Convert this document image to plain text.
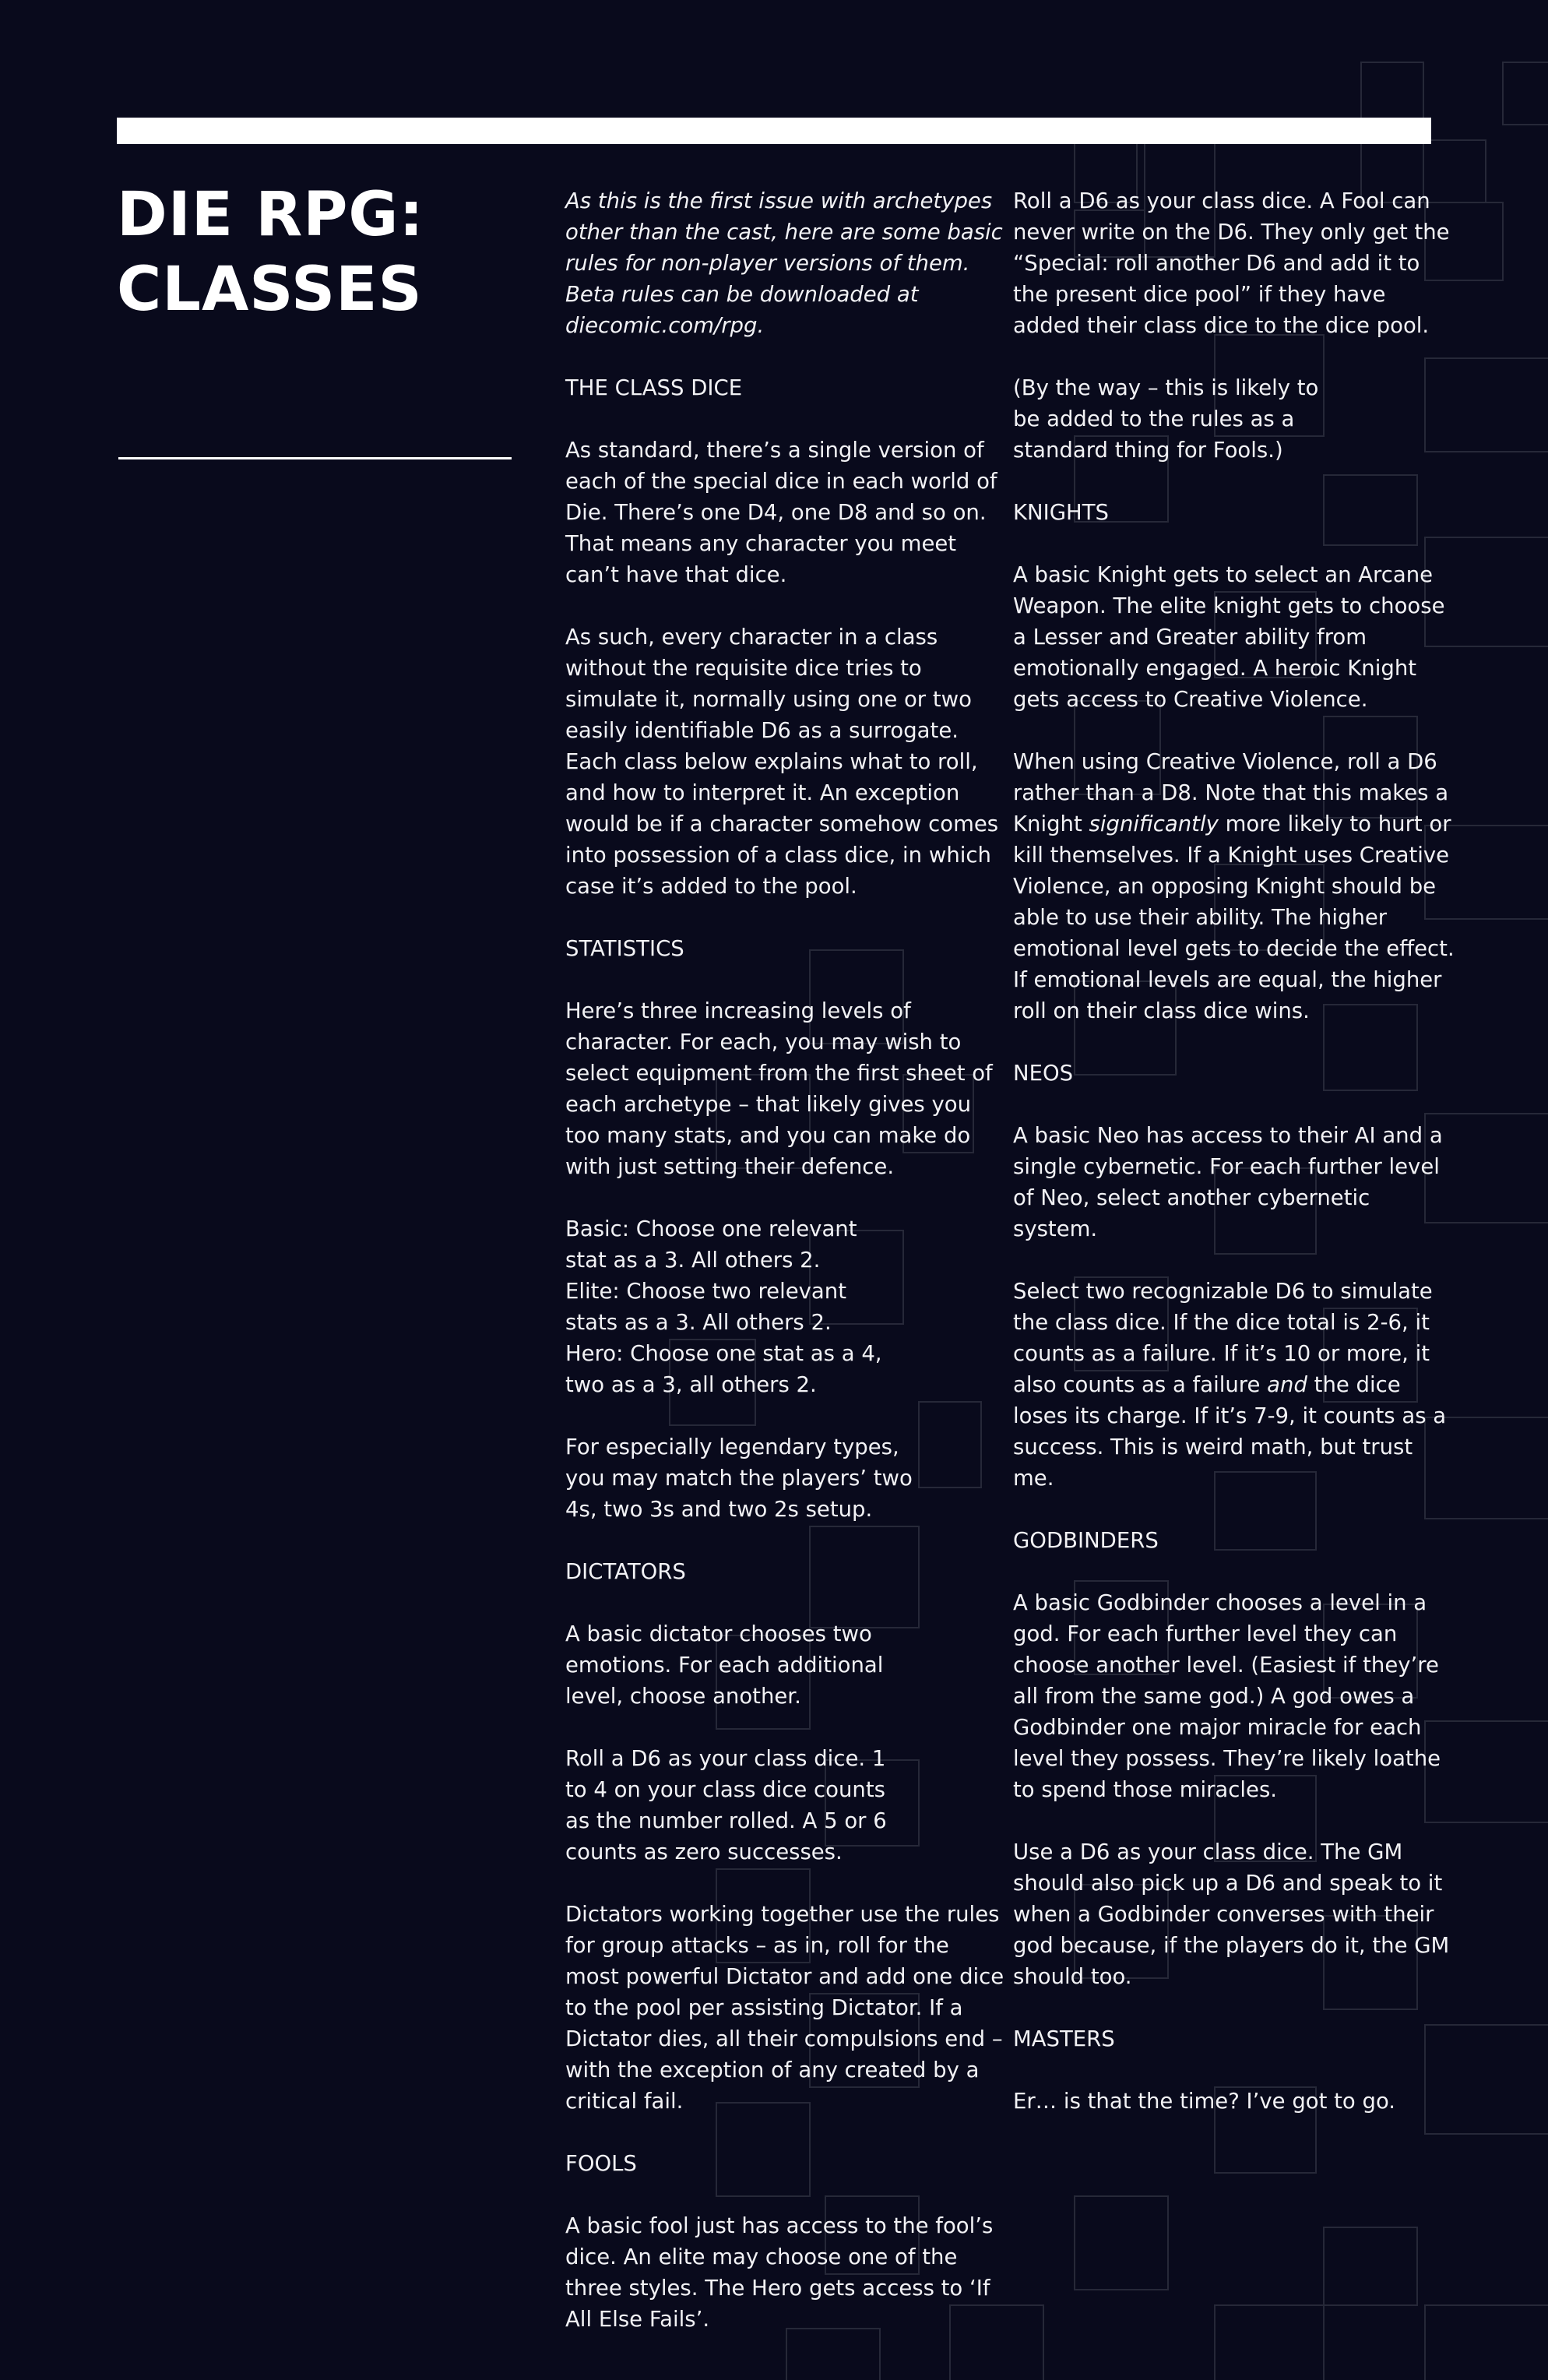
DIE RPG: CLASSES

As this is the first issue with archetypes other than the cast, here are some basic rules for non-player versions of them. Beta rules can be downloaded at diecomic.com/rpg.

THE CLASS DICE

As standard, there’s a single version of each of the special dice in each world of Die. There’s one D4, one D8 and so on. That means any character you meet can’t have that dice.

As such, every character in a class without the requisite dice tries to simulate it, normally using one or two easily identifiable D6 as a surrogate. Each class below explains what to roll, and how to interpret it. An exception would be if a character somehow comes into possession of a class dice, in which case it’s added to the pool.

STATISTICS

Here’s three increasing levels of character. For each, you may wish to select equipment from the first sheet of each archetype – that likely gives you too many stats, and you can make do with just setting their defence.

Basic: Choose one relevant
stat as a 3. All others 2.
Elite: Choose two relevant
stats as a 3. All others 2.
Hero: Choose one stat as a 4,
two as a 3, all others 2.

For especially legendary types,
you may match the players’ two
4s, two 3s and two 2s setup.

DICTATORS

A basic dictator chooses two
emotions. For each additional
level, choose another.

Roll a D6 as your class dice. 1
to 4 on your class dice counts
as the number rolled. A 5 or 6
counts as zero successes.

Dictators working together use the rules for group attacks – as in, roll for the most powerful Dictator and add one dice to the pool per assisting Dictator. If a Dictator dies, all their compulsions end – with the exception of any created by a critical fail.

FOOLS

A basic fool just has access to the fool’s dice. An elite may choose one of the three styles. The Hero gets access to ‘If All Else Fails’.

Roll a D6 as your class dice. A Fool can never write on the D6. They only get the “Special: roll another D6 and add it to the present dice pool” if they have added their class dice to the dice pool.

(By the way – this is likely to
be added to the rules as a
standard thing for Fools.)

KNIGHTS

A basic Knight gets to select an Arcane Weapon. The elite knight gets to choose a Lesser and Greater ability from emotionally engaged. A heroic Knight gets access to Creative Violence.

When using Creative Violence, roll a D6 rather than a D8. Note that this makes a Knight significantly more likely to hurt or kill themselves. If a Knight uses Creative Violence, an opposing Knight should be able to use their ability. The higher emotional level gets to decide the effect. If emotional levels are equal, the higher roll on their class dice wins.

NEOS

A basic Neo has access to their AI and a single cybernetic. For each further level of Neo, select another cybernetic system.

Select two recognizable D6 to simulate the class dice. If the dice total is 2-6, it counts as a failure. If it’s 10 or more, it also counts as a failure and the dice loses its charge. If it’s 7-9, it counts as a success. This is weird math, but trust me.

GODBINDERS

A basic Godbinder chooses a level in a god. For each further level they can choose another level. (Easiest if they’re all from the same god.) A god owes a Godbinder one major miracle for each level they possess. They’re likely loathe to spend those miracles.

Use a D6 as your class dice. The GM should also pick up a D6 and speak to it when a Godbinder converses with their god because, if the players do it, the GM should too.

MASTERS

Er… is that the time? I’ve got to go.
